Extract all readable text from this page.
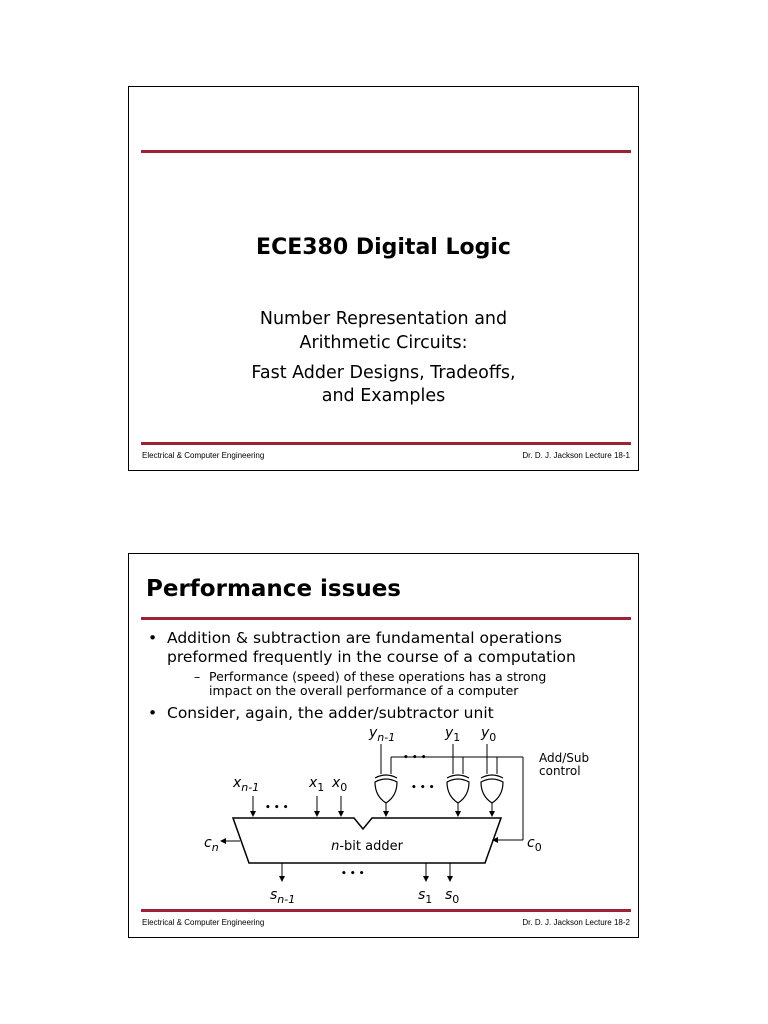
ECE380 Digital Logic
Number Representation and
Arithmetic Circuits:
Fast Adder Designs, Tradeoffs,
and Examples
Electrical & Computer Engineering	Dr. D. J. Jackson Lecture 18-1
Performance issues
• Addition & subtraction are fundamental operations
preformed frequently in the course of a computation
– Performance (speed) of these operations has a strong
impact on the overall performance of a computer
• Consider, again, the adder/subtractor unit
n-bit adder
Add/Sub control
$y_{n-1}$	$y_1$ $y_0$
• • •
• • •
• • •
• • •
$x_{n-1}$	$x_1$ $x_0$
$s_{n-1}$	$s_1$ $s_0$
$c_n$	$c_0$
Electrical & Computer Engineering	Dr. D. J. Jackson Lecture 18-2
